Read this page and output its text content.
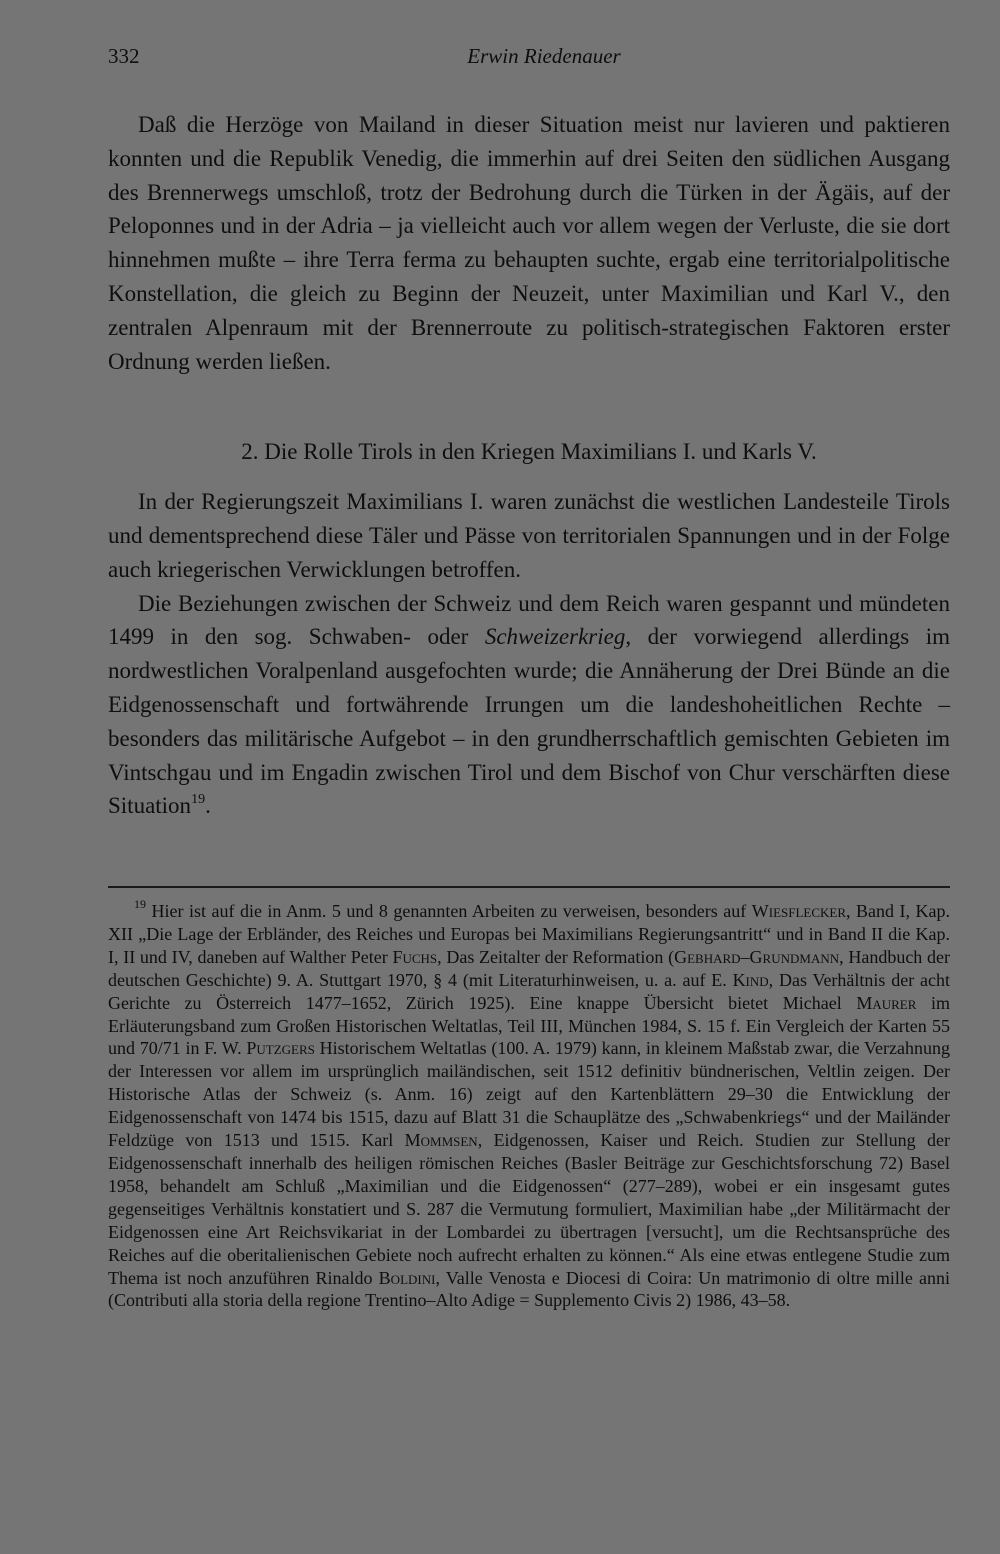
332	Erwin Riedenauer

Daß die Herzöge von Mailand in dieser Situation meist nur lavieren und paktieren konnten und die Republik Venedig, die immerhin auf drei Seiten den südlichen Ausgang des Brennerwegs umschloß, trotz der Bedrohung durch die Türken in der Ägäis, auf der Peloponnes und in der Adria – ja vielleicht auch vor allem wegen der Verluste, die sie dort hinnehmen mußte – ihre Terra ferma zu behaupten suchte, ergab eine territorialpolitische Konstellation, die gleich zu Beginn der Neuzeit, unter Maximilian und Karl V., den zentralen Alpenraum mit der Brennerroute zu politisch-strategischen Faktoren erster Ordnung werden ließen.

2. Die Rolle Tirols in den Kriegen Maximilians I. und Karls V.

In der Regierungszeit Maximilians I. waren zunächst die westlichen Landesteile Tirols und dementsprechend diese Täler und Pässe von territorialen Spannungen und in der Folge auch kriegerischen Verwicklungen betroffen.

Die Beziehungen zwischen der Schweiz und dem Reich waren gespannt und mündeten 1499 in den sog. Schwaben- oder Schweizerkrieg, der vorwiegend allerdings im nordwestlichen Voralpenland ausgefochten wurde; die Annäherung der Drei Bünde an die Eidgenossenschaft und fortwährende Irrungen um die landeshoheitlichen Rechte – besonders das militärische Aufgebot – in den grundherrschaftlich gemischten Gebieten im Vintschgau und im Engadin zwischen Tirol und dem Bischof von Chur verschärften diese Situation$^{19}$.

$^{19}$ Hier ist auf die in Anm. 5 und 8 genannten Arbeiten zu verweisen, besonders auf Wiesflecker, Band I, Kap. XII „Die Lage der Erbländer, des Reiches und Europas bei Maximilians Regierungsantritt“ und in Band II die Kap. I, II und IV, daneben auf Walther Peter Fuchs, Das Zeitalter der Reformation (Gebhard–Grundmann, Handbuch der deutschen Geschichte) 9. A. Stuttgart 1970, § 4 (mit Literaturhinweisen, u. a. auf E. Kind, Das Verhältnis der acht Gerichte zu Österreich 1477–1652, Zürich 1925). Eine knappe Übersicht bietet Michael Maurer im Erläuterungsband zum Großen Historischen Weltatlas, Teil III, München 1984, S. 15 f. Ein Vergleich der Karten 55 und 70/71 in F. W. Putzgers Historischem Weltatlas (100. A. 1979) kann, in kleinem Maßstab zwar, die Verzahnung der Interessen vor allem im ursprünglich mailändischen, seit 1512 definitiv bündnerischen, Veltlin zeigen. Der Historische Atlas der Schweiz (s. Anm. 16) zeigt auf den Kartenblättern 29–30 die Entwicklung der Eidgenossenschaft von 1474 bis 1515, dazu auf Blatt 31 die Schauplätze des „Schwabenkriegs“ und der Mailänder Feldzüge von 1513 und 1515. Karl Mommsen, Eidgenossen, Kaiser und Reich. Studien zur Stellung der Eidgenossenschaft innerhalb des heiligen römischen Reiches (Basler Beiträge zur Geschichtsforschung 72) Basel 1958, behandelt am Schluß „Maximilian und die Eidgenossen“ (277–289), wobei er ein insgesamt gutes gegenseitiges Verhältnis konstatiert und S. 287 die Vermutung formuliert, Maximilian habe „der Militärmacht der Eidgenossen eine Art Reichsvikariat in der Lombardei zu übertragen [versucht], um die Rechtsansprüche des Reiches auf die oberitalienischen Gebiete noch aufrecht erhalten zu können.“ Als eine etwas entlegene Studie zum Thema ist noch anzuführen Rinaldo Boldini, Valle Venosta e Diocesi di Coira: Un matrimonio di oltre mille anni (Contributi alla storia della regione Trentino–Alto Adige = Supplemento Civis 2) 1986, 43–58.
